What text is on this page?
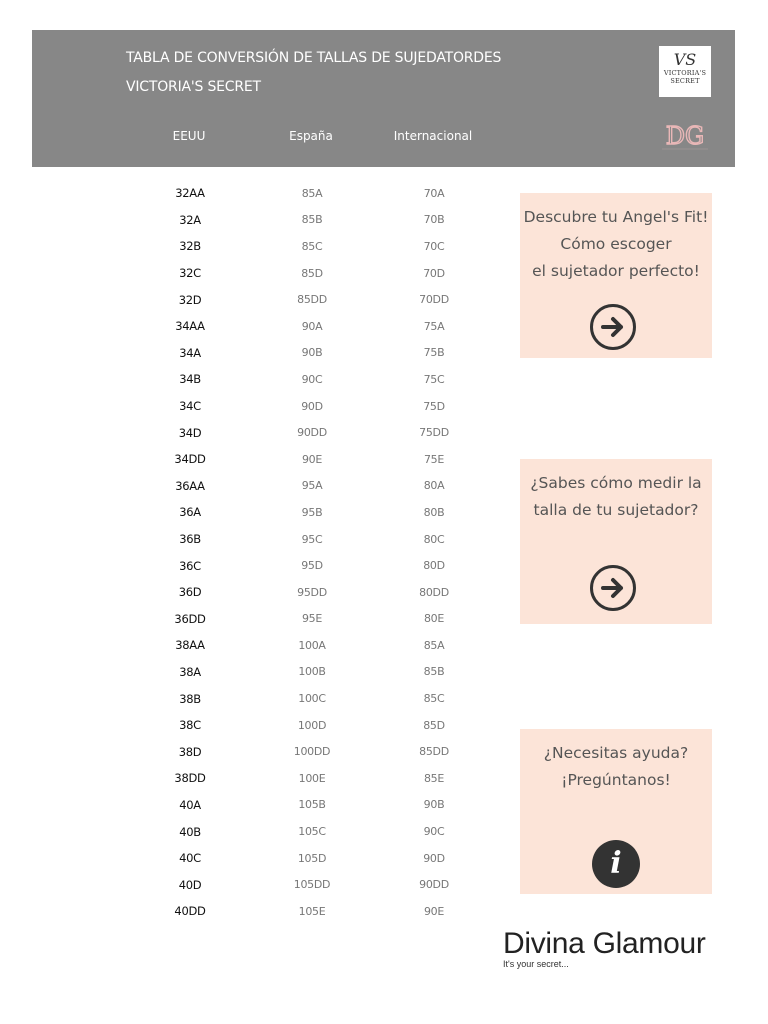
TABLA DE CONVERSIÓN DE TALLAS DE SUJEDATORDES
VICTORIA'S SECRET
VS
VICTORIA'S
SECRET
EEUU	España	Internacional	DG
32AA	85A	70A
32A	85B	70B
32B	85C	70C
32C	85D	70D
32D	85DD	70DD
34AA	90A	75A
34A	90B	75B
34B	90C	75C
34C	90D	75D
34D	90DD	75DD
34DD	90E	75E
36AA	95A	80A
36A	95B	80B
36B	95C	80C
36C	95D	80D
36D	95DD	80DD
36DD	95E	80E
38AA	100A	85A
38A	100B	85B
38B	100C	85C
38C	100D	85D
38D	100DD	85DD
38DD	100E	85E
40A	105B	90B
40B	105C	90C
40C	105D	90D
40D	105DD	90DD
40DD	105E	90E
Descubre tu Angel's Fit!
Cómo escoger
el sujetador perfecto!
¿Sabes cómo medir la
talla de tu sujetador?
¿Necesitas ayuda?
¡Pregúntanos!
i
Divina Glamour
It's your secret...
